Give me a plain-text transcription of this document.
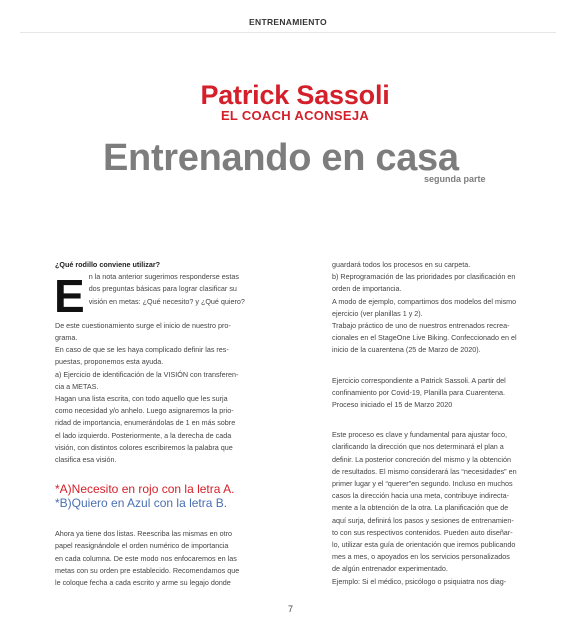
ENTRENAMIENTO
Patrick Sassoli
EL COACH ACONSEJA
Entrenando en casa
segunda parte

¿Qué rodillo conviene utilizar?

E n la nota anterior sugerimos responderse estas

dos preguntas básicas para lograr clasificar su

visión en metas: ¿Qué necesito? y ¿Qué quiero?

De este cuestionamiento surge el inicio de nuestro pro-

grama.

En caso de que se les haya complicado definir las res-

puestas, proponemos esta ayuda.

a) Ejercicio de identificación de la VISIÓN con transferen-

cia a METAS.

Hagan una lista escrita, con todo aquello que les surja

como necesidad y/o anhelo. Luego asignaremos la prio-

ridad de importancia, enumerándolas de 1 en más sobre

el lado izquierdo. Posteriormente, a la derecha de cada

visión, con distintos colores escribiremos la palabra que

clasifica esa visión.

*A)Necesito en rojo con la letra A.

*B)Quiero en Azul con la letra B.

Ahora ya tiene dos listas. Reescriba las mismas en otro

papel reasignándole el orden numérico de importancia

en cada columna. De este modo nos enfocaremos en las

metas con su orden pre establecido. Recomendamos que

le coloque fecha a cada escrito y arme su legajo donde

guardará todos los procesos en su carpeta.

b) Reprogramación de las prioridades por clasificación en

orden de importancia.

A modo de ejemplo, compartimos dos modelos del mismo

ejercicio (ver planillas 1 y 2).

Trabajo práctico de uno de nuestros entrenados recrea-

cionales en el StageOne Live Biking. Confeccionado en el

inicio de la cuarentena (25 de Marzo de 2020).

Ejercicio correspondiente a Patrick Sassoli. A partir del

confinamiento por Covid-19, Planilla para Cuarentena.

Proceso iniciado el 15 de Marzo 2020

Este proceso es clave y fundamental para ajustar foco,

clarificando la dirección que nos determinará el plan a

definir. La posterior concreción del mismo y la obtención

de resultados. El mismo considerará las “necesidades” en

primer lugar y el “querer”en segundo. Incluso en muchos

casos la dirección hacia una meta, contribuye indirecta-

mente a la obtención de la otra. La planificación que de

aquí surja, definirá los pasos y sesiones de entrenamien-

to con sus respectivos contenidos. Pueden auto diseñar-

lo, utilizar esta guía de orientación que iremos publicando

mes a mes, o apoyados en los servicios personalizados

de algún entrenador experimentado.

Ejemplo: Si el médico, psicólogo o psiquiatra nos diag-

7
